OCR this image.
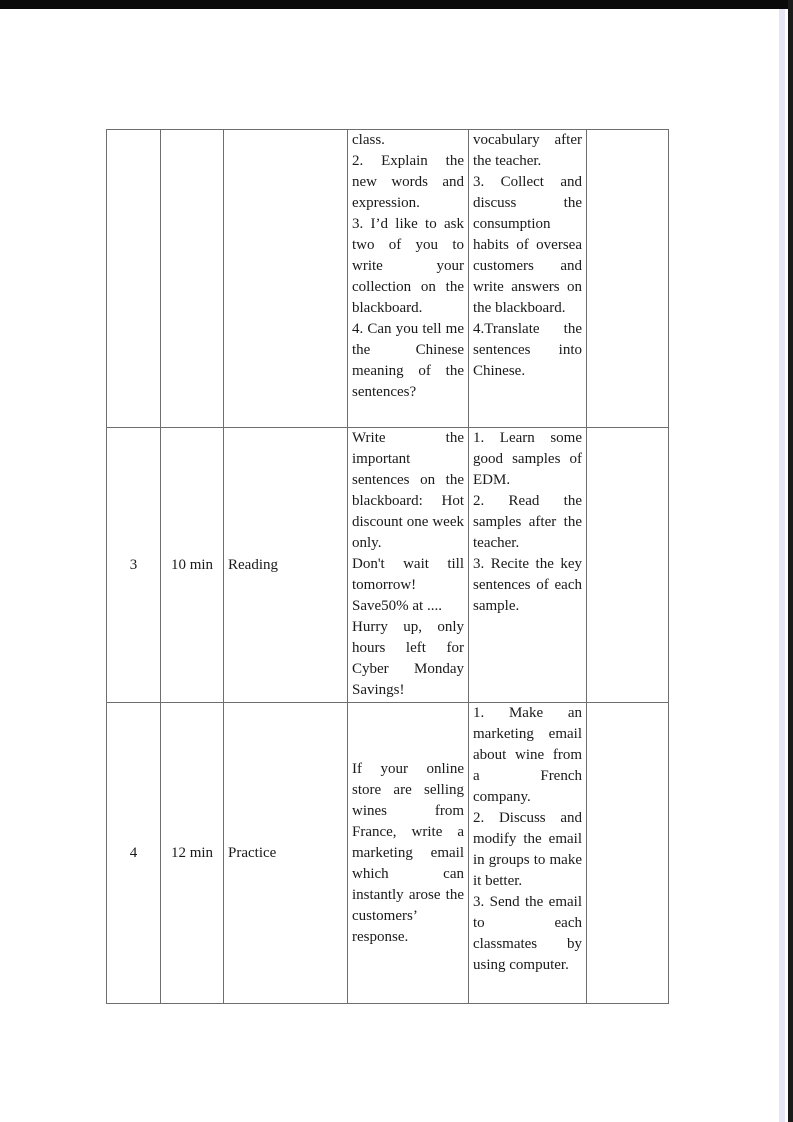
			class.
2. Explain the new words and expression.
3. I’d like to ask two of you to write your collection on the blackboard.
4. Can you tell me the Chinese meaning of the sentences?	vocabulary after the teacher.
3. Collect and discuss the consumption habits of oversea customers and write answers on the blackboard.
4.Translate the sentences into Chinese.	

3	10 min	Reading	Write the important sentences on the blackboard: Hot discount one week only.
Don't wait till tomorrow!
Save50% at ....
Hurry up, only hours left for Cyber Monday Savings!	1. Learn some good samples of EDM.
2. Read the samples after the teacher.
3. Recite the key sentences of each sample.	

4	12 min	Practice	If your online store are selling wines from France, write a marketing email which can instantly arose the customers’ response.	1. Make an marketing email about wine from a French company.
2. Discuss and modify the email in groups to make it better.
3. Send the email to each classmates by using computer.	
